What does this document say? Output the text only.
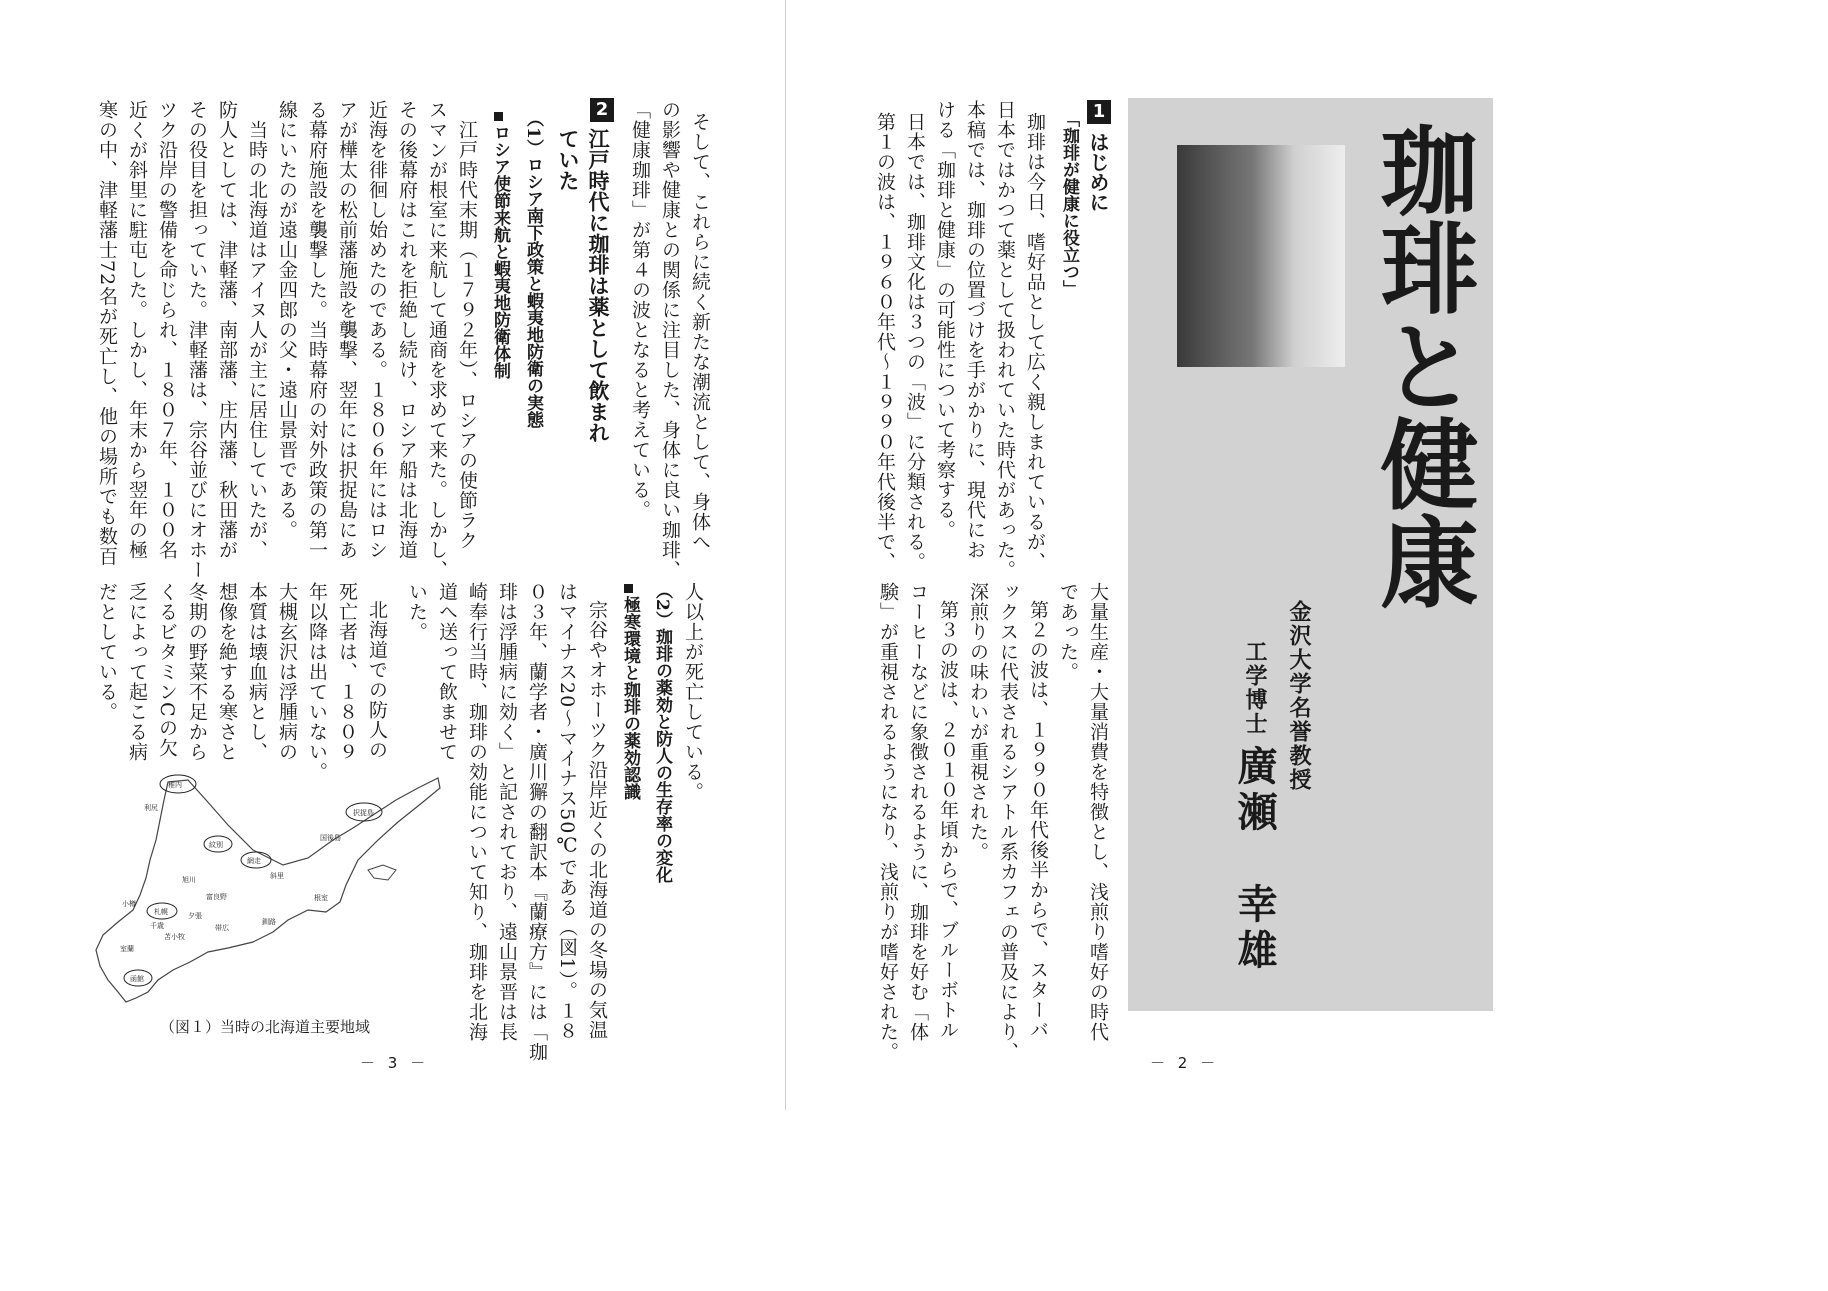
珈琲と健康
金沢大学名誉教授
工学博士
廣瀬　幸雄
1
はじめに
「珈琲が健康に役立つ」
珈琲は今日、嗜好品として広く親しまれているが、
日本ではかつて薬として扱われていた時代があった。
本稿では、珈琲の位置づけを手がかりに、現代にお
ける「珈琲と健康」の可能性について考察する。
日本では、珈琲文化は３つの「波」に分類される。
第１の波は、１９６０年代～１９９０年代後半で、
大量生産・大量消費を特徴とし、浅煎り嗜好の時代
であった。
第２の波は、１９９０年代後半からで、スターバ
ックスに代表されるシアトル系カフェの普及により、
深煎りの味わいが重視された。
第３の波は、２０１０年頃からで、ブルーボトル
コーヒーなどに象徴されるように、珈琲を好む「体
験」が重視されるようになり、浅煎りが嗜好された。
－ 2 －
そして、これらに続く新たな潮流として、身体へ
の影響や健康との関係に注目した、身体に良い珈琲、
「健康珈琲」が第４の波となると考えている。
2
江戸時代に珈琲は薬として飲まれ
ていた
（1）ロシア南下政策と蝦夷地防衛の実態
ロシア使節来航と蝦夷地防衛体制
江戸時代末期（１７９２年）、ロシアの使節ラク
スマンが根室に来航して通商を求めて来た。しかし、
その後幕府はこれを拒絶し続け、ロシア船は北海道
近海を徘徊し始めたのである。１８０６年にはロシ
アが樺太の松前藩施設を襲撃、翌年には択捉島にあ
る幕府施設を襲撃した。当時幕府の対外政策の第一
線にいたのが遠山金四郎の父・遠山景晋である。
当時の北海道はアイヌ人が主に居住していたが、
防人としては、津軽藩、南部藩、庄内藩、秋田藩が
その役目を担っていた。津軽藩は、宗谷並びにオホー
ツク沿岸の警備を命じられ、１８０７年、１００名
近くが斜里に駐屯した。しかし、年末から翌年の極
寒の中、津軽藩士72名が死亡し、他の場所でも数百
人以上が死亡している。
（2）珈琲の薬効と防人の生存率の変化
極寒環境と珈琲の薬効認識
宗谷やオホーツク沿岸近くの北海道の冬場の気温
はマイナス20～マイナス50℃である（図1）。１８
０３年、蘭学者・廣川獬の翻訳本『蘭療方』には「珈
琲は浮腫病に効く」と記されており、遠山景晋は長
崎奉行当時、珈琲の効能について知り、珈琲を北海
道へ送って飲ませて
いた。
北海道での防人の
死亡者は、１８０９
年以降は出ていない。
大槻玄沢は浮腫病の
本質は壊血病とし、
想像を絶する寒さと
冬期の野菜不足から
くるビタミンCの欠
乏によって起こる病
だとしている。
稚内
利尻
紋別
網走
斜里
国後島
択捉島
旭川
富良野
小樽
札幌	夕張
千歳
苫小牧
帯広
釧路
根室
室蘭
函館
（図１）当時の北海道主要地域
－ 3 －
